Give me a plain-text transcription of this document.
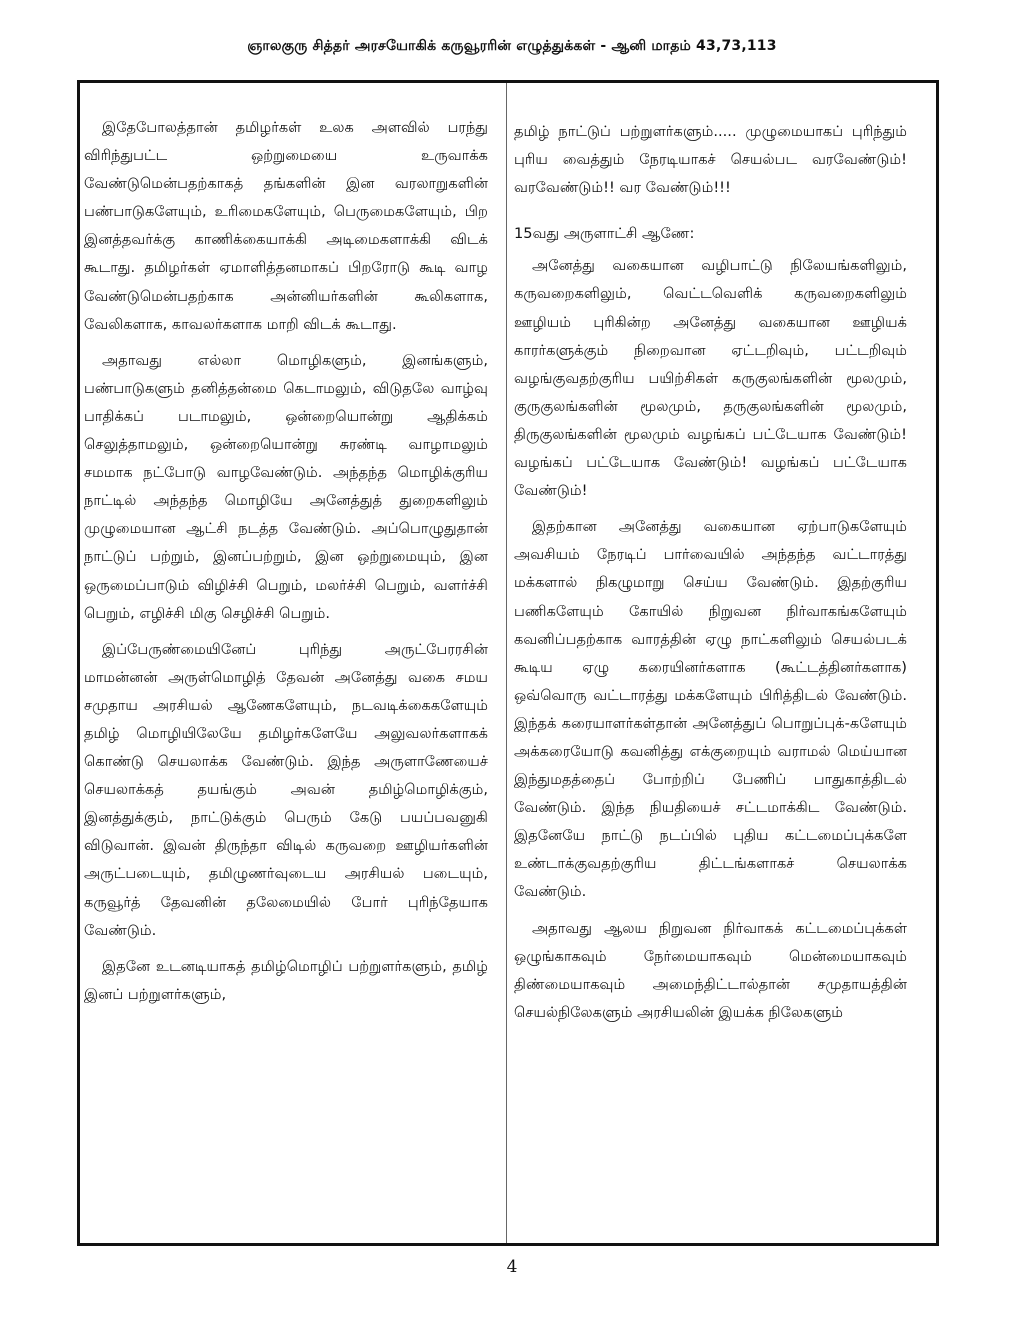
ஞாலகுரு சித்தர் அரசயோகிக் கருவூரரின் எழுத்துக்கள் - ஆனி மாதம் 43,73,113

இதேபோலத்தான் தமிழர்கள் உலக அளவில் பரந்து விரிந்துபட்ட ஒற்றுமையை உருவாக்க வேண்டுமென்பதற்காகத் தங்களின் இன வரலாறுகளின் பண்பாடுகளேயும், உரிமைகளேயும், பெருமைகளேயும், பிற இனத்தவர்க்கு காணிக்கையாக்கி அடிமைகளாக்கி விடக் கூடாது. தமிழர்கள் ஏமாளித்தனமாகப் பிறரோடு கூடி வாழ வேண்டுமென்பதற்காக அன்னியர்களின் கூலிகளாக, வேலிகளாக, காவலர்களாக மாறி விடக் கூடாது.

அதாவது எல்லா மொழிகளும், இனங்களும், பண்பாடுகளும் தனித்தன்மை கெடாமலும், விடுதலே வாழ்வு பாதிக்கப் படாமலும், ஒன்றையொன்று ஆதிக்கம் செலுத்தாமலும், ஒன்றையொன்று சுரண்டி வாழாமலும் சமமாக நட்போடு வாழவேண்டும். அந்தந்த மொழிக்குரிய நாட்டில் அந்தந்த மொழியே அனேத்துத் துறைகளிலும் முழுமையான ஆட்சி நடத்த வேண்டும். அப்பொழுதுதான் நாட்டுப் பற்றும், இனப்பற்றும், இன ஒற்றுமையும், இன ஒருமைப்பாடும் விழிச்சி பெறும், மலர்ச்சி பெறும், வளர்ச்சி பெறும், எழிச்சி மிகு செழிச்சி பெறும்.

இப்பேருண்மையினேப் புரிந்து அருட்பேரரசின் மாமன்னன் அருள்மொழித் தேவன் அனேத்து வகை சமய சமுதாய அரசியல் ஆணேகளேயும், நடவடிக்கைகளேயும் தமிழ் மொழியிலேயே தமிழர்களேயே அலுவலர்களாகக் கொண்டு செயலாக்க வேண்டும். இந்த அருளாணேயைச் செயலாக்கத் தயங்கும் அவன் தமிழ்மொழிக்கும், இனத்துக்கும், நாட்டுக்கும் பெரும் கேடு பயப்பவனுகி விடுவான். இவன் திருந்தா விடில் கருவறை ஊழியர்களின் அருட்படையும், தமிழுணர்வுடைய அரசியல் படையும், கருவூர்த் தேவனின் தலேமையில் போர் புரிந்தேயாக வேண்டும்.

இதனே உடனடியாகத் தமிழ்மொழிப் பற்றுளர்களும், தமிழ் இனப் பற்றுளர்களும்,

தமிழ் நாட்டுப் பற்றுளர்களும்..... முழுமையாகப் புரிந்தும் புரிய வைத்தும் நேரடியாகச் செயல்பட வரவேண்டும்! வரவேண்டும்!! வர வேண்டும்!!!

15வது அருளாட்சி ஆணே:

அனேத்து வகையான வழிபாட்டு நிலேயங்களிலும், கருவறைகளிலும், வெட்டவெளிக் கருவறைகளிலும் ஊழியம் புரிகின்ற அனேத்து வகையான ஊழியக் காரர்களுக்கும் நிறைவான ஏட்டறிவும், பட்டறிவும் வழங்குவதற்குரிய பயிற்சிகள் கருகுலங்களின் மூலமும், குருகுலங்களின் மூலமும், தருகுலங்களின் மூலமும், திருகுலங்களின் மூலமும் வழங்கப் பட்டேயாக வேண்டும்! வழங்கப் பட்டேயாக வேண்டும்! வழங்கப் பட்டேயாக வேண்டும்!

இதற்கான அனேத்து வகையான ஏற்பாடுகளேயும் அவசியம் நேரடிப் பார்வையில் அந்தந்த வட்டாரத்து மக்களால் நிகழுமாறு செய்ய வேண்டும். இதற்குரிய பணிகளேயும் கோயில் நிறுவன நிர்வாகங்களேயும் கவனிப்பதற்காக வாரத்தின் ஏழு நாட்களிலும் செயல்படக் கூடிய ஏழு கரையினர்களாக (கூட்டத்தினர்களாக) ஒவ்வொரு வட்டாரத்து மக்களேயும் பிரித்திடல் வேண்டும். இந்தக் கரையாளர்கள்தான் அனேத்துப் பொறுப்புக்-களேயும் அக்கரையோடு கவனித்து எக்குறையும் வராமல் மெய்யான இந்துமதத்தைப் போற்றிப் பேணிப் பாதுகாத்திடல் வேண்டும். இந்த நியதியைச் சட்டமாக்கிட வேண்டும். இதனேயே நாட்டு நடப்பில் புதிய கட்டமைப்புக்களே உண்டாக்குவதற்குரிய திட்டங்களாகச் செயலாக்க வேண்டும்.

அதாவது ஆலய நிறுவன நிர்வாகக் கட்டமைப்புக்கள் ஒழுங்காகவும் நேர்மையாகவும் மென்மையாகவும் திண்மையாகவும் அமைந்திட்டால்தான் சமுதாயத்தின் செயல்நிலேகளும் அரசியலின் இயக்க நிலேகளும்

4
